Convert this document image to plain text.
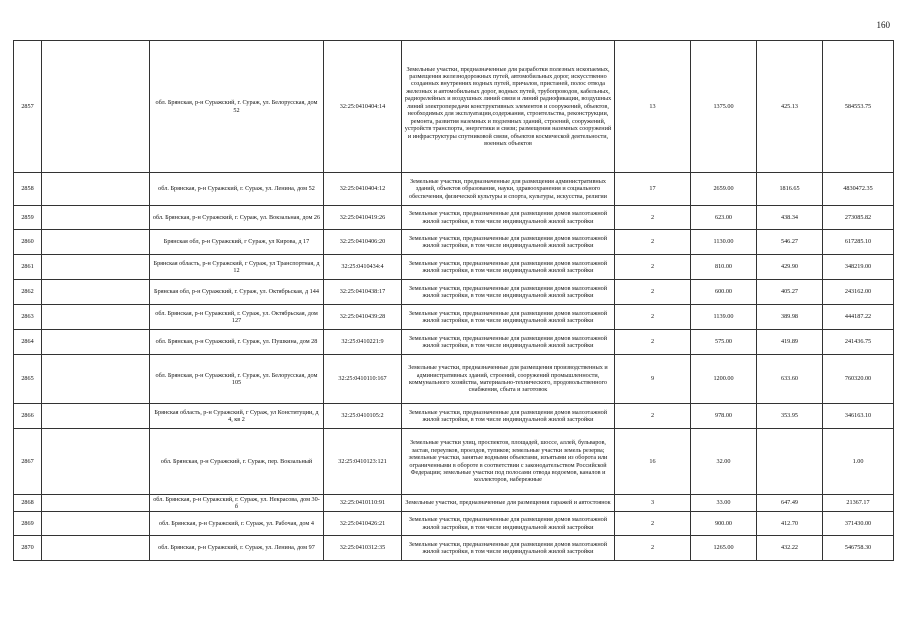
160
2857		обл. Брянская, р-н Суражский, г. Сураж, ул. Белорусская, дом 52	32:25:0410404:14	Земельные участки, предназначенные для разработки полезных ископаемых, размещения железнодорожных путей, автомобильных дорог, искусственно созданных внутренних водных путей, причалов, пристаней, полос отвода железных и автомобильных дорог, водных путей, трубопроводов, кабельных, радиорелейных и воздушных линий связи и линий радиофикации, воздушных линий электропередачи конструктивных элементов и сооружений, объектов, необходимых для эксплуатации,содержания, строительства, реконструкции, ремонта, развития наземных и подземных зданий, строений, сооружений, устройств транспорта, энергетики и связи; размещения наземных сооружений и инфраструктуры спутниковой связи, объектов космической деятельности, военных объектов	13	1375.00	425.13	584553.75
2858		обл. Брянская, р-н Суражский, г. Сураж, ул. Ленина, дом 52	32:25:0410404:12	Земельные участки, предназначенные для размещения административных зданий, объектов образования, науки, здравоохранения и социального обеспечения, физической культуры и спорта, культуры, искусства, религии	17	2659.00	1816.65	4830472.35
2859		обл. Брянская, р-н Суражский, г. Сураж, ул. Вокзальная, дом 26	32:25:0410419:26	Земельные участки, предназначенные для размещения домов малоэтажной жилой застройки, в том числе индивидуальной жилой застройки	2	623.00	438.34	273085.82
2860		Брянская обл, р-н Суражский, г Сураж, ул Кирова, д 17	32:25:0410406:20	Земельные участки, предназначенные для размещения домов малоэтажной жилой застройки, в том числе индивидуальной жилой застройки	2	1130.00	546.27	617285.10
2861		Брянская область, р-н Суражский, г Сураж, ул Транспортная, д 12	32:25:0410434:4	Земельные участки, предназначенные для размещения домов малоэтажной жилой застройки, в том числе индивидуальной жилой застройки	2	810.00	429.90	348219.00
2862		Брянская обл, р-н Суражский, г. Сураж, ул. Октябрьская, д 144	32:25:0410438:17	Земельные участки, предназначенные для размещения домов малоэтажной жилой застройки, в том числе индивидуальной жилой застройки	2	600.00	405.27	243162.00
2863		обл. Брянская, р-н Суражский, г. Сураж, ул. Октябрьская, дом 127	32:25:0410439:28	Земельные участки, предназначенные для размещения домов малоэтажной жилой застройки, в том числе индивидуальной жилой застройки	2	1139.00	389.98	444187.22
2864		обл. Брянская, р-н Суражский, г. Сураж, ул. Пушкина, дом 28	32:25:0410221:9	Земельные участки, предназначенные для размещения домов малоэтажной жилой застройки, в том числе индивидуальной жилой застройки	2	575.00	419.89	241436.75
2865		обл. Брянская, р-н Суражский, г. Сураж, ул. Белорусская, дом 105	32:25:0410110:167	Земельные участки, предназначенные для размещения производственных и административных зданий, строений, сооружений промышленности, коммунального хозяйства, материально-технического, продовольственного снабжения, сбыта и заготовок	9	1200.00	633.60	760320.00
2866		Брянская область, р-н Суражский, г Сураж, ул Конституции, д 4, кв 2	32:25:0410105:2	Земельные участки, предназначенные для размещения домов малоэтажной жилой застройки, в том числе индивидуальной жилой застройки	2	978.00	353.95	346163.10
2867		обл. Брянская, р-н Суражский, г. Сураж, пер. Вокзальный	32:25:0410123:121	Земельные участки улиц, проспектов, площадей, шоссе, аллей, бульваров, застав, переулков, проездов, тупиков; земельные участки земель резерва; земельные участки, занятые водными объектами, изъятыми из оборота или ограниченными в обороте в соответствии с законодательством Российской Федерации; земельные участки под полосами отвода водоемов, каналов и коллекторов, набережные	16	32.00		1.00
2868		обл. Брянская, р-н Суражский, г. Сураж, ул. Некрасова, дом 30-б	32:25:0410110:91	Земельные участки, предназначенные для размещения гаражей и автостоянок	3	33.00	647.49	21367.17
2869		обл. Брянская, р-н Суражский, г. Сураж, ул. Рабочая, дом 4	32:25:0410426:21	Земельные участки, предназначенные для размещения домов малоэтажной жилой застройки, в том числе индивидуальной жилой застройки	2	900.00	412.70	371430.00
2870		обл. Брянская, р-н Суражский, г. Сураж, ул. Ленина, дом 97	32:25:0410312:35	Земельные участки, предназначенные для размещения домов малоэтажной жилой застройки, в том числе индивидуальной жилой застройки	2	1265.00	432.22	546758.30
